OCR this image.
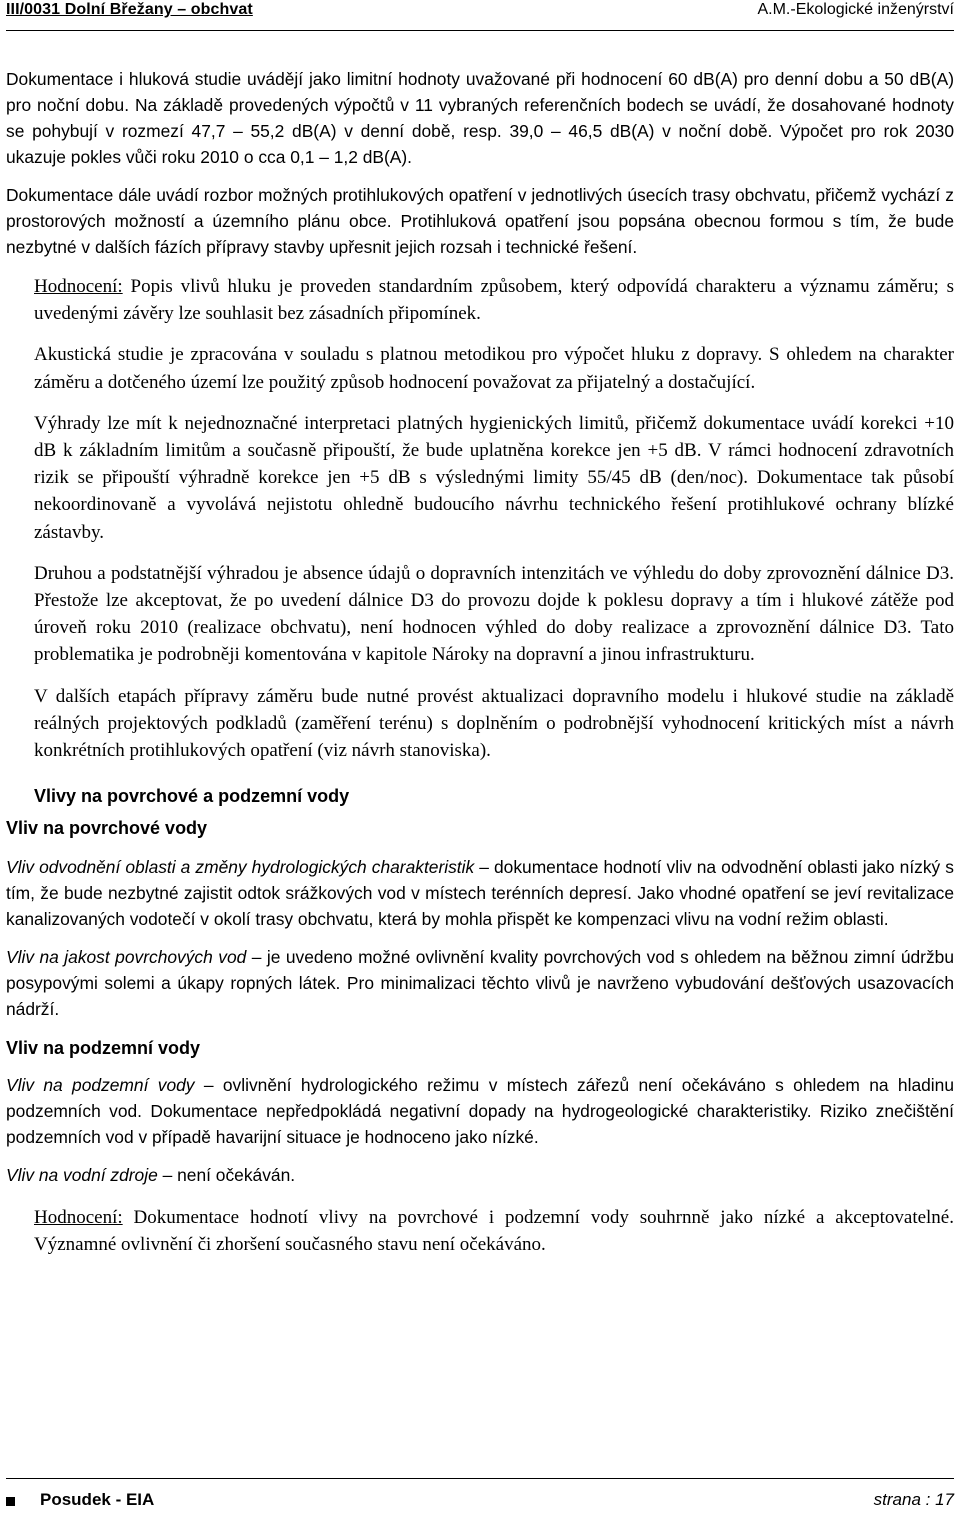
III/0031 Dolní Břežany – obchvat	A.M.-Ekologické inženýrství

Dokumentace i hluková studie uvádějí jako limitní hodnoty uvažované při hodnocení 60 dB(A) pro denní dobu a 50 dB(A) pro noční dobu. Na základě provedených výpočtů v 11 vybraných referenčních bodech se uvádí, že dosahované hodnoty se pohybují v rozmezí 47,7 – 55,2 dB(A) v denní době, resp. 39,0 – 46,5 dB(A) v noční době. Výpočet pro rok 2030 ukazuje pokles vůči roku 2010 o cca 0,1 – 1,2 dB(A).

Dokumentace dále uvádí rozbor možných protihlukových opatření v jednotlivých úsecích trasy obchvatu, přičemž vychází z prostorových možností a územního plánu obce. Protihluková opatření jsou popsána obecnou formou s tím, že bude nezbytné v dalších fázích přípravy stavby upřesnit jejich rozsah i technické řešení.

Hodnocení: Popis vlivů hluku je proveden standardním způsobem, který odpovídá charakteru a významu záměru; s uvedenými závěry lze souhlasit bez zásadních připomínek.

Akustická studie je zpracována v souladu s platnou metodikou pro výpočet hluku z dopravy. S ohledem na charakter záměru a dotčeného území lze použitý způsob hodnocení považovat za přijatelný a dostačující.

Výhrady lze mít k nejednoznačné interpretaci platných hygienických limitů, přičemž dokumentace uvádí korekci +10 dB k základním limitům a současně připouští, že bude uplatněna korekce jen +5 dB. V rámci hodnocení zdravotních rizik se připouští výhradně korekce jen +5 dB s výslednými limity 55/45 dB (den/noc). Dokumentace tak působí nekoordinovaně a vyvolává nejistotu ohledně budoucího návrhu technického řešení protihlukové ochrany blízké zástavby.

Druhou a podstatnější výhradou je absence údajů o dopravních intenzitách ve výhledu do doby zprovoznění dálnice D3. Přestože lze akceptovat, že po uvedení dálnice D3 do provozu dojde k poklesu dopravy a tím i hlukové zátěže pod úroveň roku 2010 (realizace obchvatu), není hodnocen výhled do doby realizace a zprovoznění dálnice D3. Tato problematika je podrobněji komentována v kapitole Nároky na dopravní a jinou infrastrukturu.

V dalších etapách přípravy záměru bude nutné provést aktualizaci dopravního modelu i hlukové studie na základě reálných projektových podkladů (zaměření terénu) s doplněním o podrobnější vyhodnocení kritických míst a návrh konkrétních protihlukových opatření (viz návrh stanoviska).

Vlivy na povrchové a podzemní vody
Vliv na povrchové vody

Vliv odvodnění oblasti a změny hydrologických charakteristik – dokumentace hodnotí vliv na odvodnění oblasti jako nízký s tím, že bude nezbytné zajistit odtok srážkových vod v místech terénních depresí. Jako vhodné opatření se jeví revitalizace kanalizovaných vodotečí v okolí trasy obchvatu, která by mohla přispět ke kompenzaci vlivu na vodní režim oblasti.

Vliv na jakost povrchových vod – je uvedeno možné ovlivnění kvality povrchových vod s ohledem na běžnou zimní údržbu posypovými solemi a úkapy ropných látek. Pro minimalizaci těchto vlivů je navrženo vybudování dešťových usazovacích nádrží.

Vliv na podzemní vody

Vliv na podzemní vody – ovlivnění hydrologického režimu v místech zářezů není očekáváno s ohledem na hladinu podzemních vod. Dokumentace nepředpokládá negativní dopady na hydrogeologické charakteristiky. Riziko znečištění podzemních vod v případě havarijní situace je hodnoceno jako nízké.

Vliv na vodní zdroje – není očekáván.

Hodnocení: Dokumentace hodnotí vlivy na povrchové i podzemní vody souhrnně jako nízké a akceptovatelné. Významné ovlivnění či zhoršení současného stavu není očekáváno.

Posudek - EIA	strana : 17
